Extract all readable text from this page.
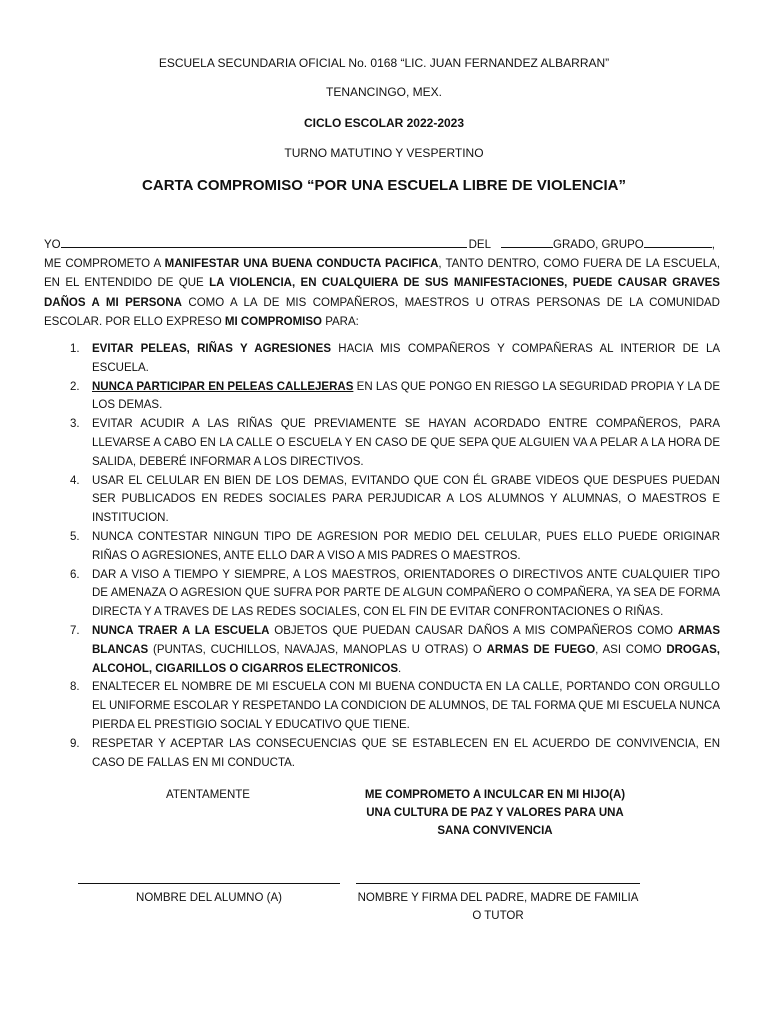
ESCUELA SECUNDARIA OFICIAL No. 0168 “LIC. JUAN FERNANDEZ ALBARRAN”
TENANCINGO, MEX.
CICLO ESCOLAR 2022-2023
TURNO MATUTINO Y VESPERTINO
CARTA COMPROMISO “POR UNA ESCUELA LIBRE DE VIOLENCIA”
YO	DEL	GRADO, GRUPO	,
ME COMPROMETO A MANIFESTAR UNA BUENA CONDUCTA PACIFICA, TANTO DENTRO, COMO FUERA DE LA ESCUELA, EN EL ENTENDIDO DE QUE LA VIOLENCIA, EN CUALQUIERA DE SUS MANIFESTACIONES, PUEDE CAUSAR GRAVES DAÑOS A MI PERSONA COMO A LA DE MIS COMPAÑEROS, MAESTROS U OTRAS PERSONAS DE LA COMUNIDAD ESCOLAR. POR ELLO EXPRESO MI COMPROMISO PARA:
1. EVITAR PELEAS, RIÑAS Y AGRESIONES HACIA MIS COMPAÑEROS Y COMPAÑERAS AL INTERIOR DE LA ESCUELA.
2. NUNCA PARTICIPAR EN PELEAS CALLEJERAS EN LAS QUE PONGO EN RIESGO LA SEGURIDAD PROPIA Y LA DE LOS DEMAS.
3. EVITAR ACUDIR A LAS RIÑAS QUE PREVIAMENTE SE HAYAN ACORDADO ENTRE COMPAÑEROS, PARA LLEVARSE A CABO EN LA CALLE O ESCUELA Y EN CASO DE QUE SEPA QUE ALGUIEN VA A PELAR A LA HORA DE SALIDA, DEBERÉ INFORMAR A LOS DIRECTIVOS.
4. USAR EL CELULAR EN BIEN DE LOS DEMAS, EVITANDO QUE CON ÉL GRABE VIDEOS QUE DESPUES PUEDAN SER PUBLICADOS EN REDES SOCIALES PARA PERJUDICAR A LOS ALUMNOS Y ALUMNAS, O MAESTROS E INSTITUCION.
5. NUNCA CONTESTAR NINGUN TIPO DE AGRESION POR MEDIO DEL CELULAR, PUES ELLO PUEDE ORIGINAR RIÑAS O AGRESIONES, ANTE ELLO DAR A VISO A MIS PADRES O MAESTROS.
6. DAR A VISO A TIEMPO Y SIEMPRE, A LOS MAESTROS, ORIENTADORES O DIRECTIVOS ANTE CUALQUIER TIPO DE AMENAZA O AGRESION QUE SUFRA POR PARTE DE ALGUN COMPAÑERO O COMPAÑERA, YA SEA DE FORMA DIRECTA Y A TRAVES DE LAS REDES SOCIALES, CON EL FIN DE EVITAR CONFRONTACIONES O RIÑAS.
7. NUNCA TRAER A LA ESCUELA OBJETOS QUE PUEDAN CAUSAR DAÑOS A MIS COMPAÑEROS COMO ARMAS BLANCAS (PUNTAS, CUCHILLOS, NAVAJAS, MANOPLAS U OTRAS) O ARMAS DE FUEGO, ASI COMO DROGAS, ALCOHOL, CIGARILLOS O CIGARROS ELECTRONICOS.
8. ENALTECER EL NOMBRE DE MI ESCUELA CON MI BUENA CONDUCTA EN LA CALLE, PORTANDO CON ORGULLO EL UNIFORME ESCOLAR Y RESPETANDO LA CONDICION DE ALUMNOS, DE TAL FORMA QUE MI ESCUELA NUNCA PIERDA EL PRESTIGIO SOCIAL Y EDUCATIVO QUE TIENE.
9. RESPETAR Y ACEPTAR LAS CONSECUENCIAS QUE SE ESTABLECEN EN EL ACUERDO DE CONVIVENCIA, EN CASO DE FALLAS EN MI CONDUCTA.
ATENTAMENTE	ME COMPROMETO A INCULCAR EN MI HIJO(A)
UNA CULTURA DE PAZ Y VALORES PARA UNA
SANA CONVIVENCIA
NOMBRE DEL ALUMNO (A)	NOMBRE Y FIRMA DEL PADRE, MADRE DE FAMILIA
O TUTOR
